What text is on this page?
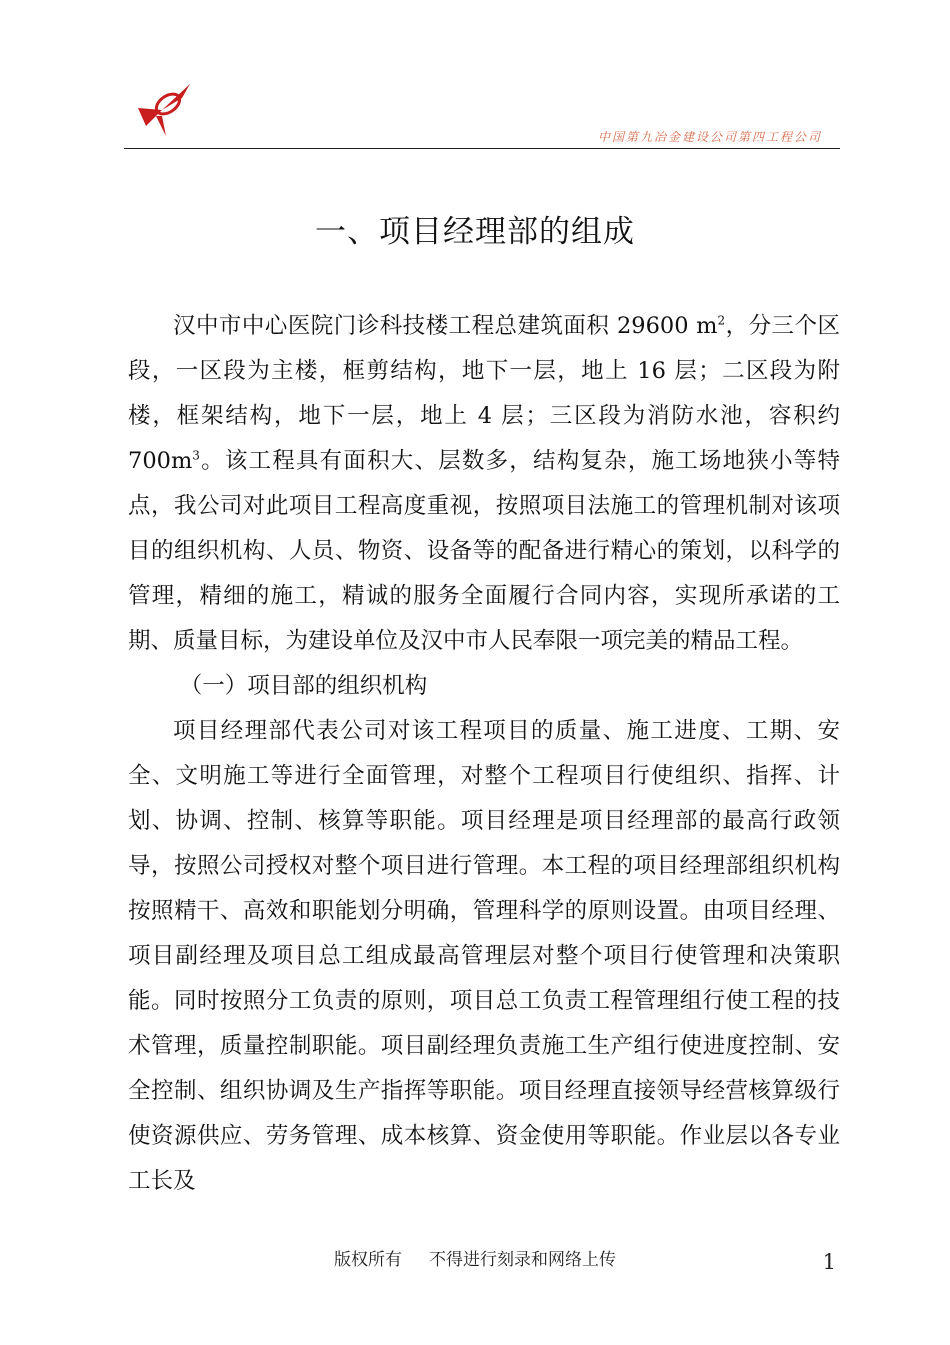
中国第九冶金建设公司第四工程公司
一、项目经理部的组成

汉中市中心医院门诊科技楼工程总建筑面积 29600 $m^2$，分三个区段，一区段为主楼，框剪结构，地下一层，地上 16 层；二区段为附楼，框架结构，地下一层，地上 4 层；三区段为消防水池，容积约 $700m^3$。该工程具有面积大、层数多，结构复杂，施工场地狭小等特点，我公司对此项目工程高度重视，按照项目法施工的管理机制对该项目的组织机构、人员、物资、设备等的配备进行精心的策划，以科学的管理，精细的施工，精诚的服务全面履行合同内容，实现所承诺的工期、质量目标，为建设单位及汉中市人民奉限一项完美的精品工程。

（一）项目部的组织机构

项目经理部代表公司对该工程项目的质量、施工进度、工期、安全、文明施工等进行全面管理，对整个工程项目行使组织、指挥、计划、协调、控制、核算等职能。项目经理是项目经理部的最高行政领导，按照公司授权对整个项目进行管理。本工程的项目经理部组织机构按照精干、高效和职能划分明确，管理科学的原则设置。由项目经理、项目副经理及项目总工组成最高管理层对整个项目行使管理和决策职能。同时按照分工负责的原则，项目总工负责工程管理组行使工程的技术管理，质量控制职能。项目副经理负责施工生产组行使进度控制、安全控制、组织协调及生产指挥等职能。项目经理直接领导经营核算级行使资源供应、劳务管理、成本核算、资金使用等职能。作业层以各专业工长及

版权所有     不得进行刻录和网络上传	1
